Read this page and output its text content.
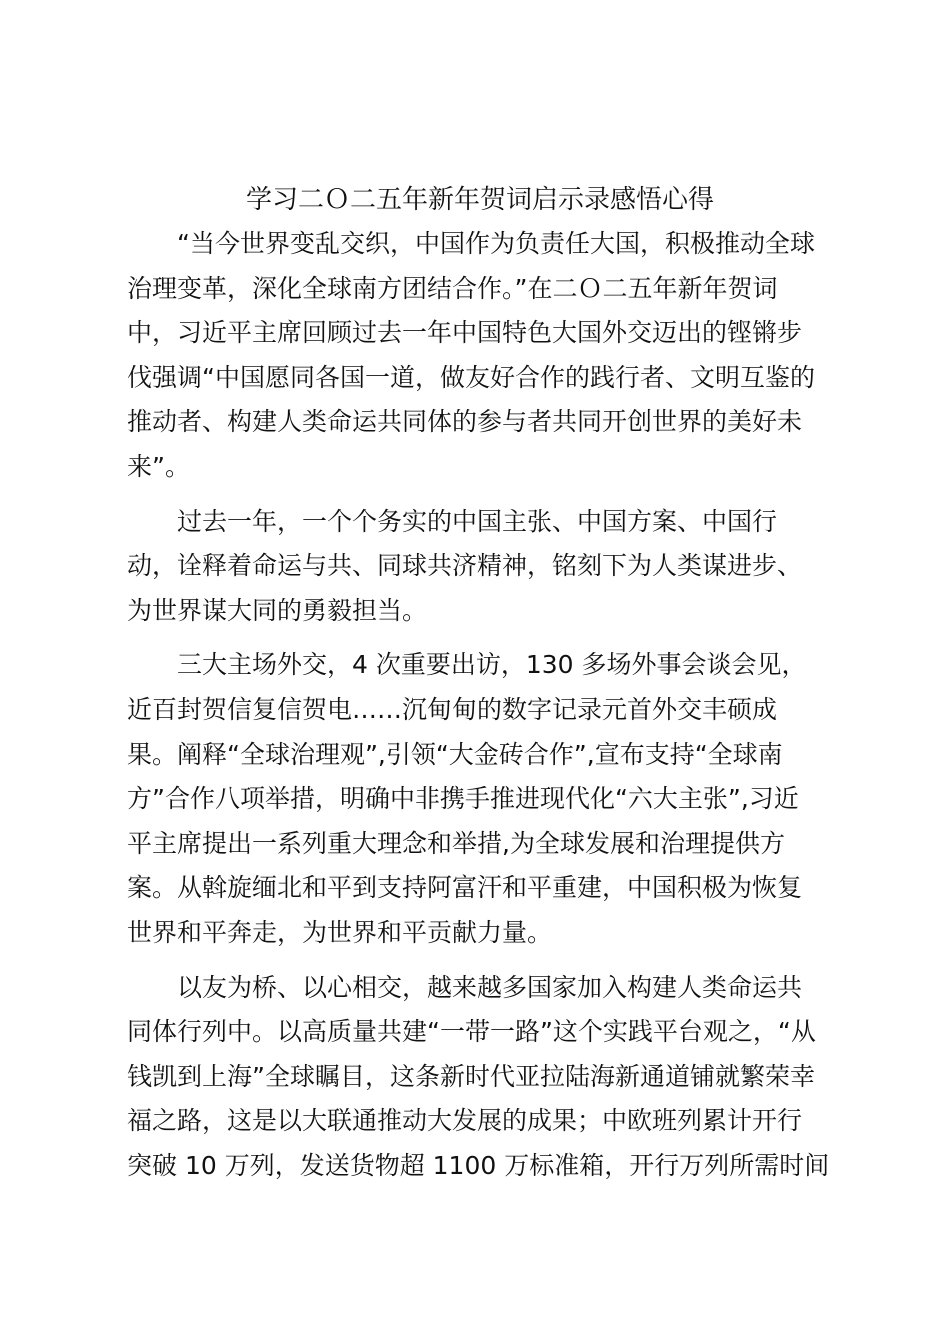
学习二Ｏ二五年新年贺词启示录感悟心得

“当今世界变乱交织，中国作为负责任大国，积极推动全球
治理变革，深化全球南方团结合作。”在二Ｏ二五年新年贺词
中，习近平主席回顾过去一年中国特色大国外交迈出的铿锵步
伐强调“中国愿同各国一道，做友好合作的践行者、文明互鉴的
推动者、构建人类命运共同体的参与者共同开创世界的美好未
来”。

过去一年，一个个务实的中国主张、中国方案、中国行
动，诠释着命运与共、同球共济精神，铭刻下为人类谋进步、
为世界谋大同的勇毅担当。

三大主场外交，4 次重要出访，130 多场外事会谈会见，
近百封贺信复信贺电……沉甸甸的数字记录元首外交丰硕成
果。阐释“全球治理观”,引领“大金砖合作”,宣布支持“全球南
方”合作八项举措，明确中非携手推进现代化“六大主张”,习近
平主席提出一系列重大理念和举措,为全球发展和治理提供方
案。从斡旋缅北和平到支持阿富汗和平重建，中国积极为恢复
世界和平奔走，为世界和平贡献力量。

以友为桥、以心相交，越来越多国家加入构建人类命运共
同体行列中。以高质量共建“一带一路”这个实践平台观之，“从
钱凯到上海”全球瞩目，这条新时代亚拉陆海新通道铺就繁荣幸
福之路，这是以大联通推动大发展的成果；中欧班列累计开行
突破 10 万列，发送货物超 1100 万标准箱，开行万列所需时间
